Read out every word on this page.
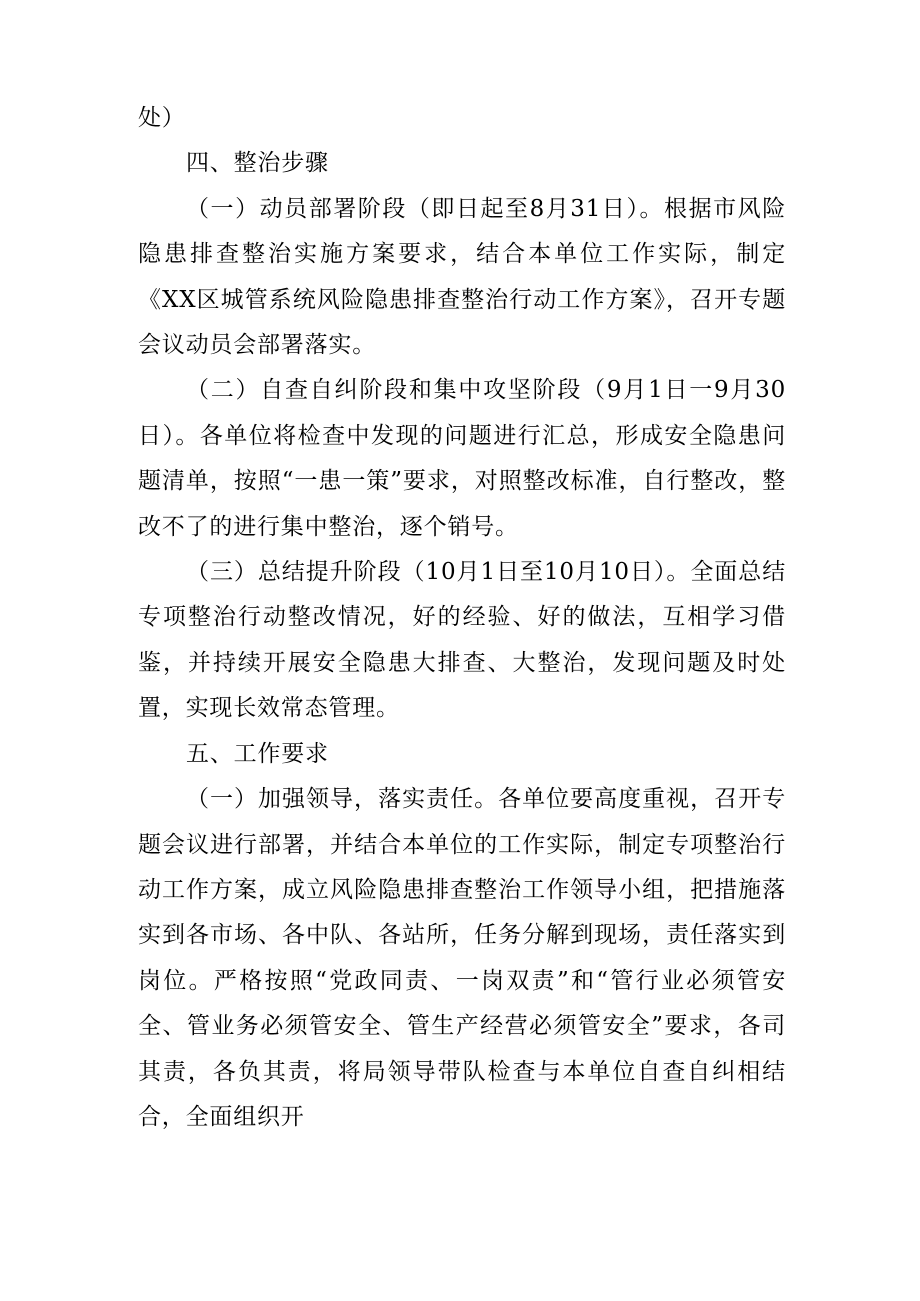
处）

四、整治步骤

（一）动员部署阶段（即日起至8月31日）。根据市风险隐患排查整治实施方案要求，结合本单位工作实际，制定《XX区城管系统风险隐患排查整治行动工作方案》，召开专题会议动员会部署落实。

（二）自查自纠阶段和集中攻坚阶段（9月1日一9月30日）。各单位将检查中发现的问题进行汇总，形成安全隐患问题清单，按照“一患一策”要求，对照整改标准，自行整改，整改不了的进行集中整治，逐个销号。

（三）总结提升阶段（10月1日至10月10日）。全面总结专项整治行动整改情况，好的经验、好的做法，互相学习借鉴，并持续开展安全隐患大排查、大整治，发现问题及时处置，实现长效常态管理。

五、工作要求

（一）加强领导，落实责任。各单位要高度重视，召开专题会议进行部署，并结合本单位的工作实际，制定专项整治行动工作方案，成立风险隐患排查整治工作领导小组，把措施落实到各市场、各中队、各站所，任务分解到现场，责任落实到岗位。严格按照“党政同责、一岗双责”和“管行业必须管安全、管业务必须管安全、管生产经营必须管安全”要求，各司其责，各负其责，将局领导带队检查与本单位自查自纠相结合，全面组织开
